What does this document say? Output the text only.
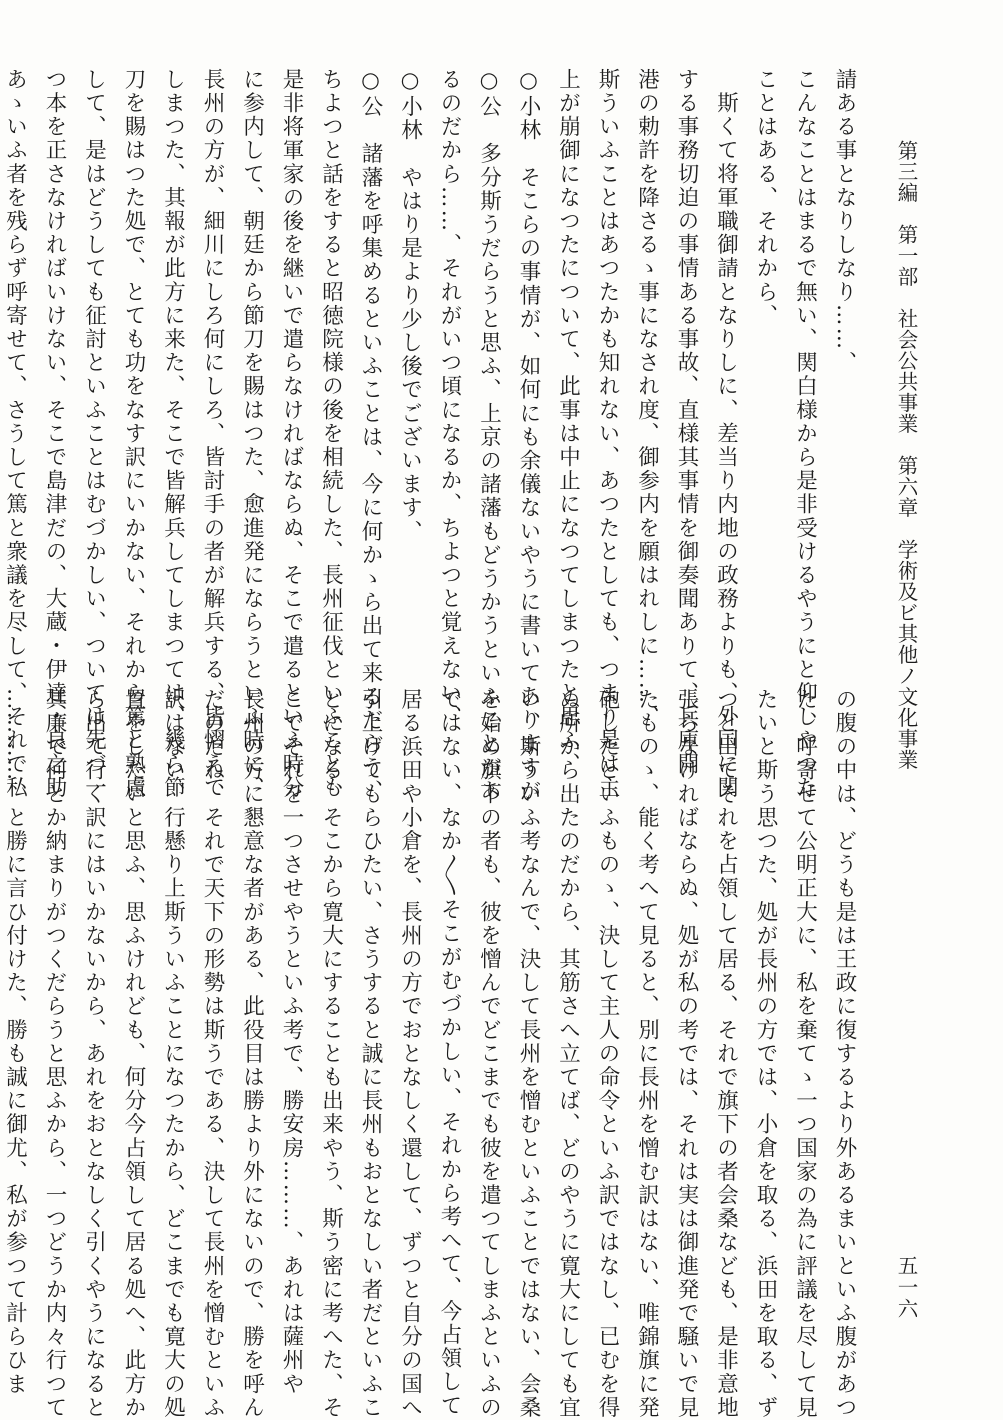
第三編　第一部　社会公共事業　第六章　学術及ビ其他ノ文化事業
五一六
請ある事となりしなり……、
こんなことはまるで無い、関白様から是非受けるやうにと仰しやつた
ことはある、それから、
　斯くて将軍職御請となりしに、差当り内地の政務よりも、外国に関
する事務切迫の事情ある事故、直様其事情を御奏聞ありて、兵庫開
港の勅許を降さるゝ事になされ度、御参内を願はれしに……、
斯ういふことはあつたかも知れない、あつたとしても、つまり是は主
上が崩御になつたについて、此事は中止になつてしまつたと思ふ、
○小林　そこらの事情が、如何にも余儀ないやうに書いてありますが
○公　多分斯うだらうと思ふ、上京の諸藩もどうかうといふことがあ
るのだから……、それがいつ頃になるか、ちよつと覚えない、
○小林　やはり是より少し後でございます、
○公　諸藩を呼集めるといふことは、今に何かゝら出て来るだらう、
ちよつと話をすると昭徳院様の後を相続した、長州征伐といふことも
是非将軍家の後を継いで遣らなければならぬ、そこで遣るといふ時分
に参内して、朝廷から節刀を賜はつた、愈進発にならうといふ時に、
長州の方が、細川にしろ何にしろ、皆討手の者が解兵する、皆慴えて
しまつた、其報が此方に来た、そこで皆解兵してしまつては、幾ら節
刀を賜はつた処で、とても功をなす訳にいかない、それから篤と熟慮
して、是はどうしても征討といふことはむづかしい、ついては先づ一
つ本を正さなければいけない、そこで島津だの、大蔵・伊達・良之助
あゝいふ者を残らず呼寄せて、さうして篤と衆議を尽して、それで私
の腹の中は、どうも是は王政に復するより外あるまいといふ腹があつ
た、呼寄せて公明正大に、私を棄てゝ一つ国家の為に評議を尽して見
たいと斯う思つた、処が長州の方では、小倉を取る、浜田を取る、ず
つと出てそれを占領して居る、それで旗下の者会桑なども、是非意地
張らなければならぬ、処が私の考では、それは実は御進発で騒いで見
たものゝ、能く考へて見ると、別に長州を憎む訳はない、唯錦旗に発
砲したといふものゝ、決して主人の命令といふ訳ではなし、已むを得
ぬ所から出たのだから、其筋さへ立てば、どのやうに寛大にしても宜
い、斯ういふ考なんで、決して長州を憎むといふことではない、会桑
を始め旗下の者も、彼を憎んでどこまでも彼を遣つてしまふといふの
ではない、なか〳〵そこがむづかしい、それから考へて、今占領して
居る浜田や小倉を、長州の方でおとなしく還して、ずつと自分の国へ
引上げてもらひたい、さうすると誠に長州もおとなしい者だといふこ
とになる、そこから寛大にすることも出来やう、斯う密に考へた、そ
こでそれを一つさせやうといふ考で、勝安房………、あれは薩州や
長州の方に懇意な者がある、此役目は勝より外にないので、勝を呼ん
だのだね、それで天下の形勢は斯うである、決して長州を憎むといふ
訳はない、行懸り上斯ういふことになつたから、どこまでも寛大の処
置をしたいと思ふ、思ふけれども、何分今占領して居る処へ、此方か
ら出て行く訳にはいかないから、あれをおとなしく引くやうになると
其廉で何とか納まりがつくだらうと思ふから、一つどうか内々行つて
…………、と勝に言ひ付けた、勝も誠に御尤、私が参つて計らひま
